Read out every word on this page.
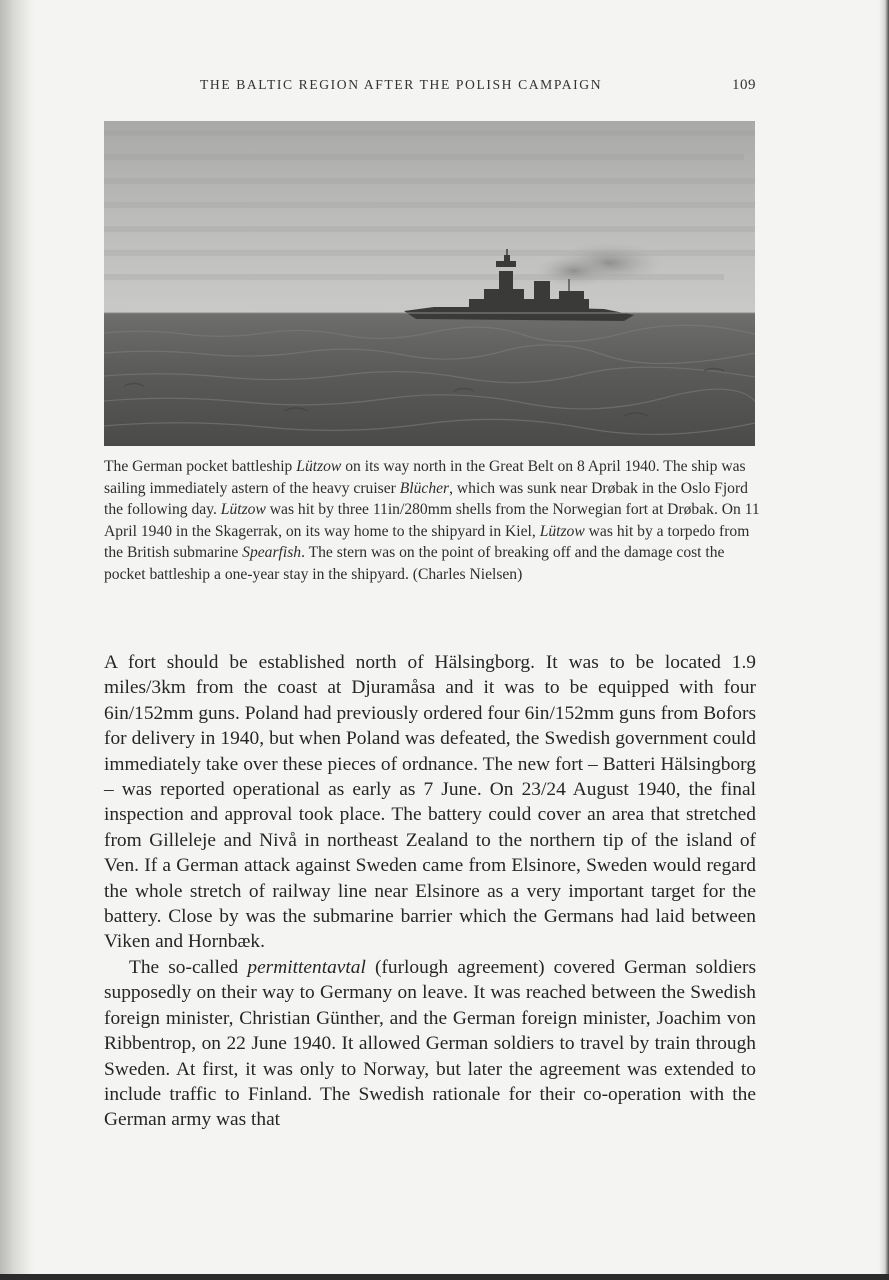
THE BALTIC REGION AFTER THE POLISH CAMPAIGN	109

The German pocket battleship Lützow on its way north in the Great Belt on 8 April 1940. The ship was sailing immediately astern of the heavy cruiser Blücher, which was sunk near Drøbak in the Oslo Fjord the following day. Lützow was hit by three 11in/280mm shells from the Norwegian fort at Drøbak. On 11 April 1940 in the Skagerrak, on its way home to the shipyard in Kiel, Lützow was hit by a torpedo from the British submarine Spearfish. The stern was on the point of breaking off and the damage cost the pocket battleship a one-year stay in the shipyard. (Charles Nielsen)

A fort should be established north of Hälsingborg. It was to be located 1.9 miles/3km from the coast at Djuramåsa and it was to be equipped with four 6in/152mm guns. Poland had previously ordered four 6in/152mm guns from Bofors for delivery in 1940, but when Poland was defeated, the Swedish government could immediately take over these pieces of ordnance. The new fort – Batteri Hälsingborg – was reported operational as early as 7 June. On 23/24 August 1940, the final inspection and approval took place. The battery could cover an area that stretched from Gilleleje and Nivå in northeast Zealand to the northern tip of the island of Ven. If a German attack against Sweden came from Elsinore, Sweden would regard the whole stretch of railway line near Elsinore as a very important target for the battery. Close by was the submarine barrier which the Germans had laid between Viken and Hornbæk.

The so-called permittentavtal (furlough agreement) covered German soldiers supposedly on their way to Germany on leave. It was reached between the Swedish foreign minister, Christian Günther, and the German foreign minister, Joachim von Ribbentrop, on 22 June 1940. It allowed German soldiers to travel by train through Sweden. At first, it was only to Norway, but later the agreement was extended to include traffic to Finland. The Swedish rationale for their co-operation with the German army was that
